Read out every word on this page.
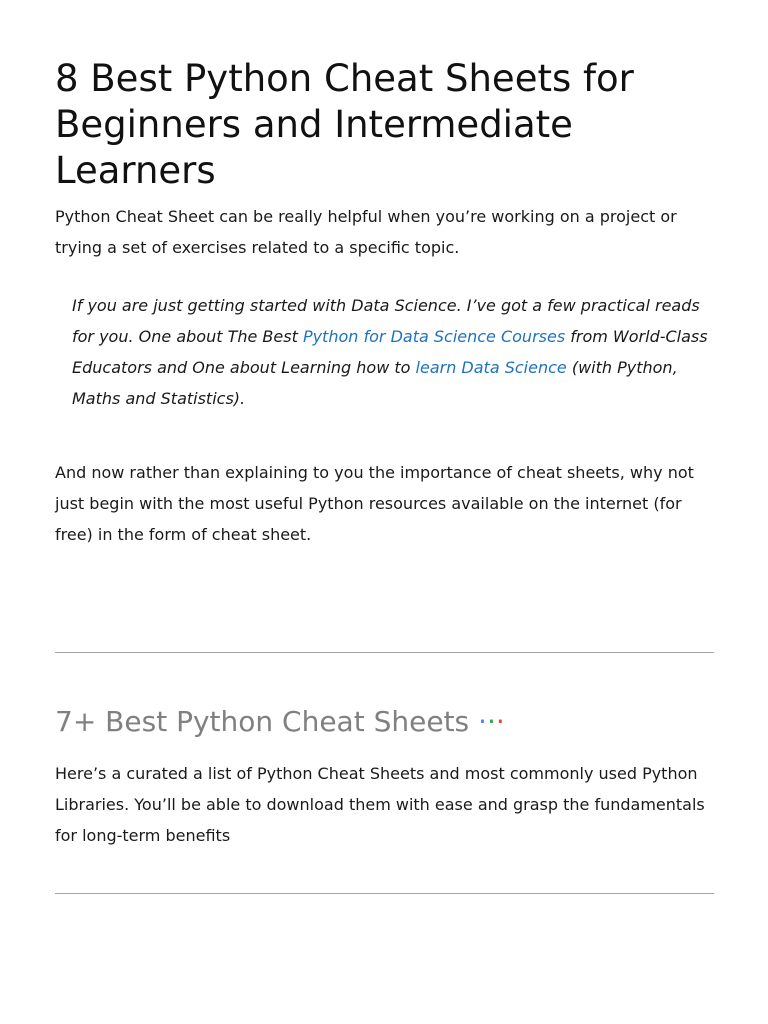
8 Best Python Cheat Sheets for Beginners and Intermediate Learners

Python Cheat Sheet can be really helpful when you’re working on a project or trying a set of exercises related to a specific topic.

If you are just getting started with Data Science. I’ve got a few practical reads for you. One about The Best Python for Data Science Courses from World-Class Educators and One about Learning how to learn Data Science (with Python, Maths and Statistics).

And now rather than explaining to you the importance of cheat sheets, why not just begin with the most useful Python resources available on the internet (for free) in the form of cheat sheet.

7+ Best Python Cheat Sheets ···

Here’s a curated a list of Python Cheat Sheets and most commonly used Python Libraries. You’ll be able to download them with ease and grasp the fundamentals for long-term benefits
